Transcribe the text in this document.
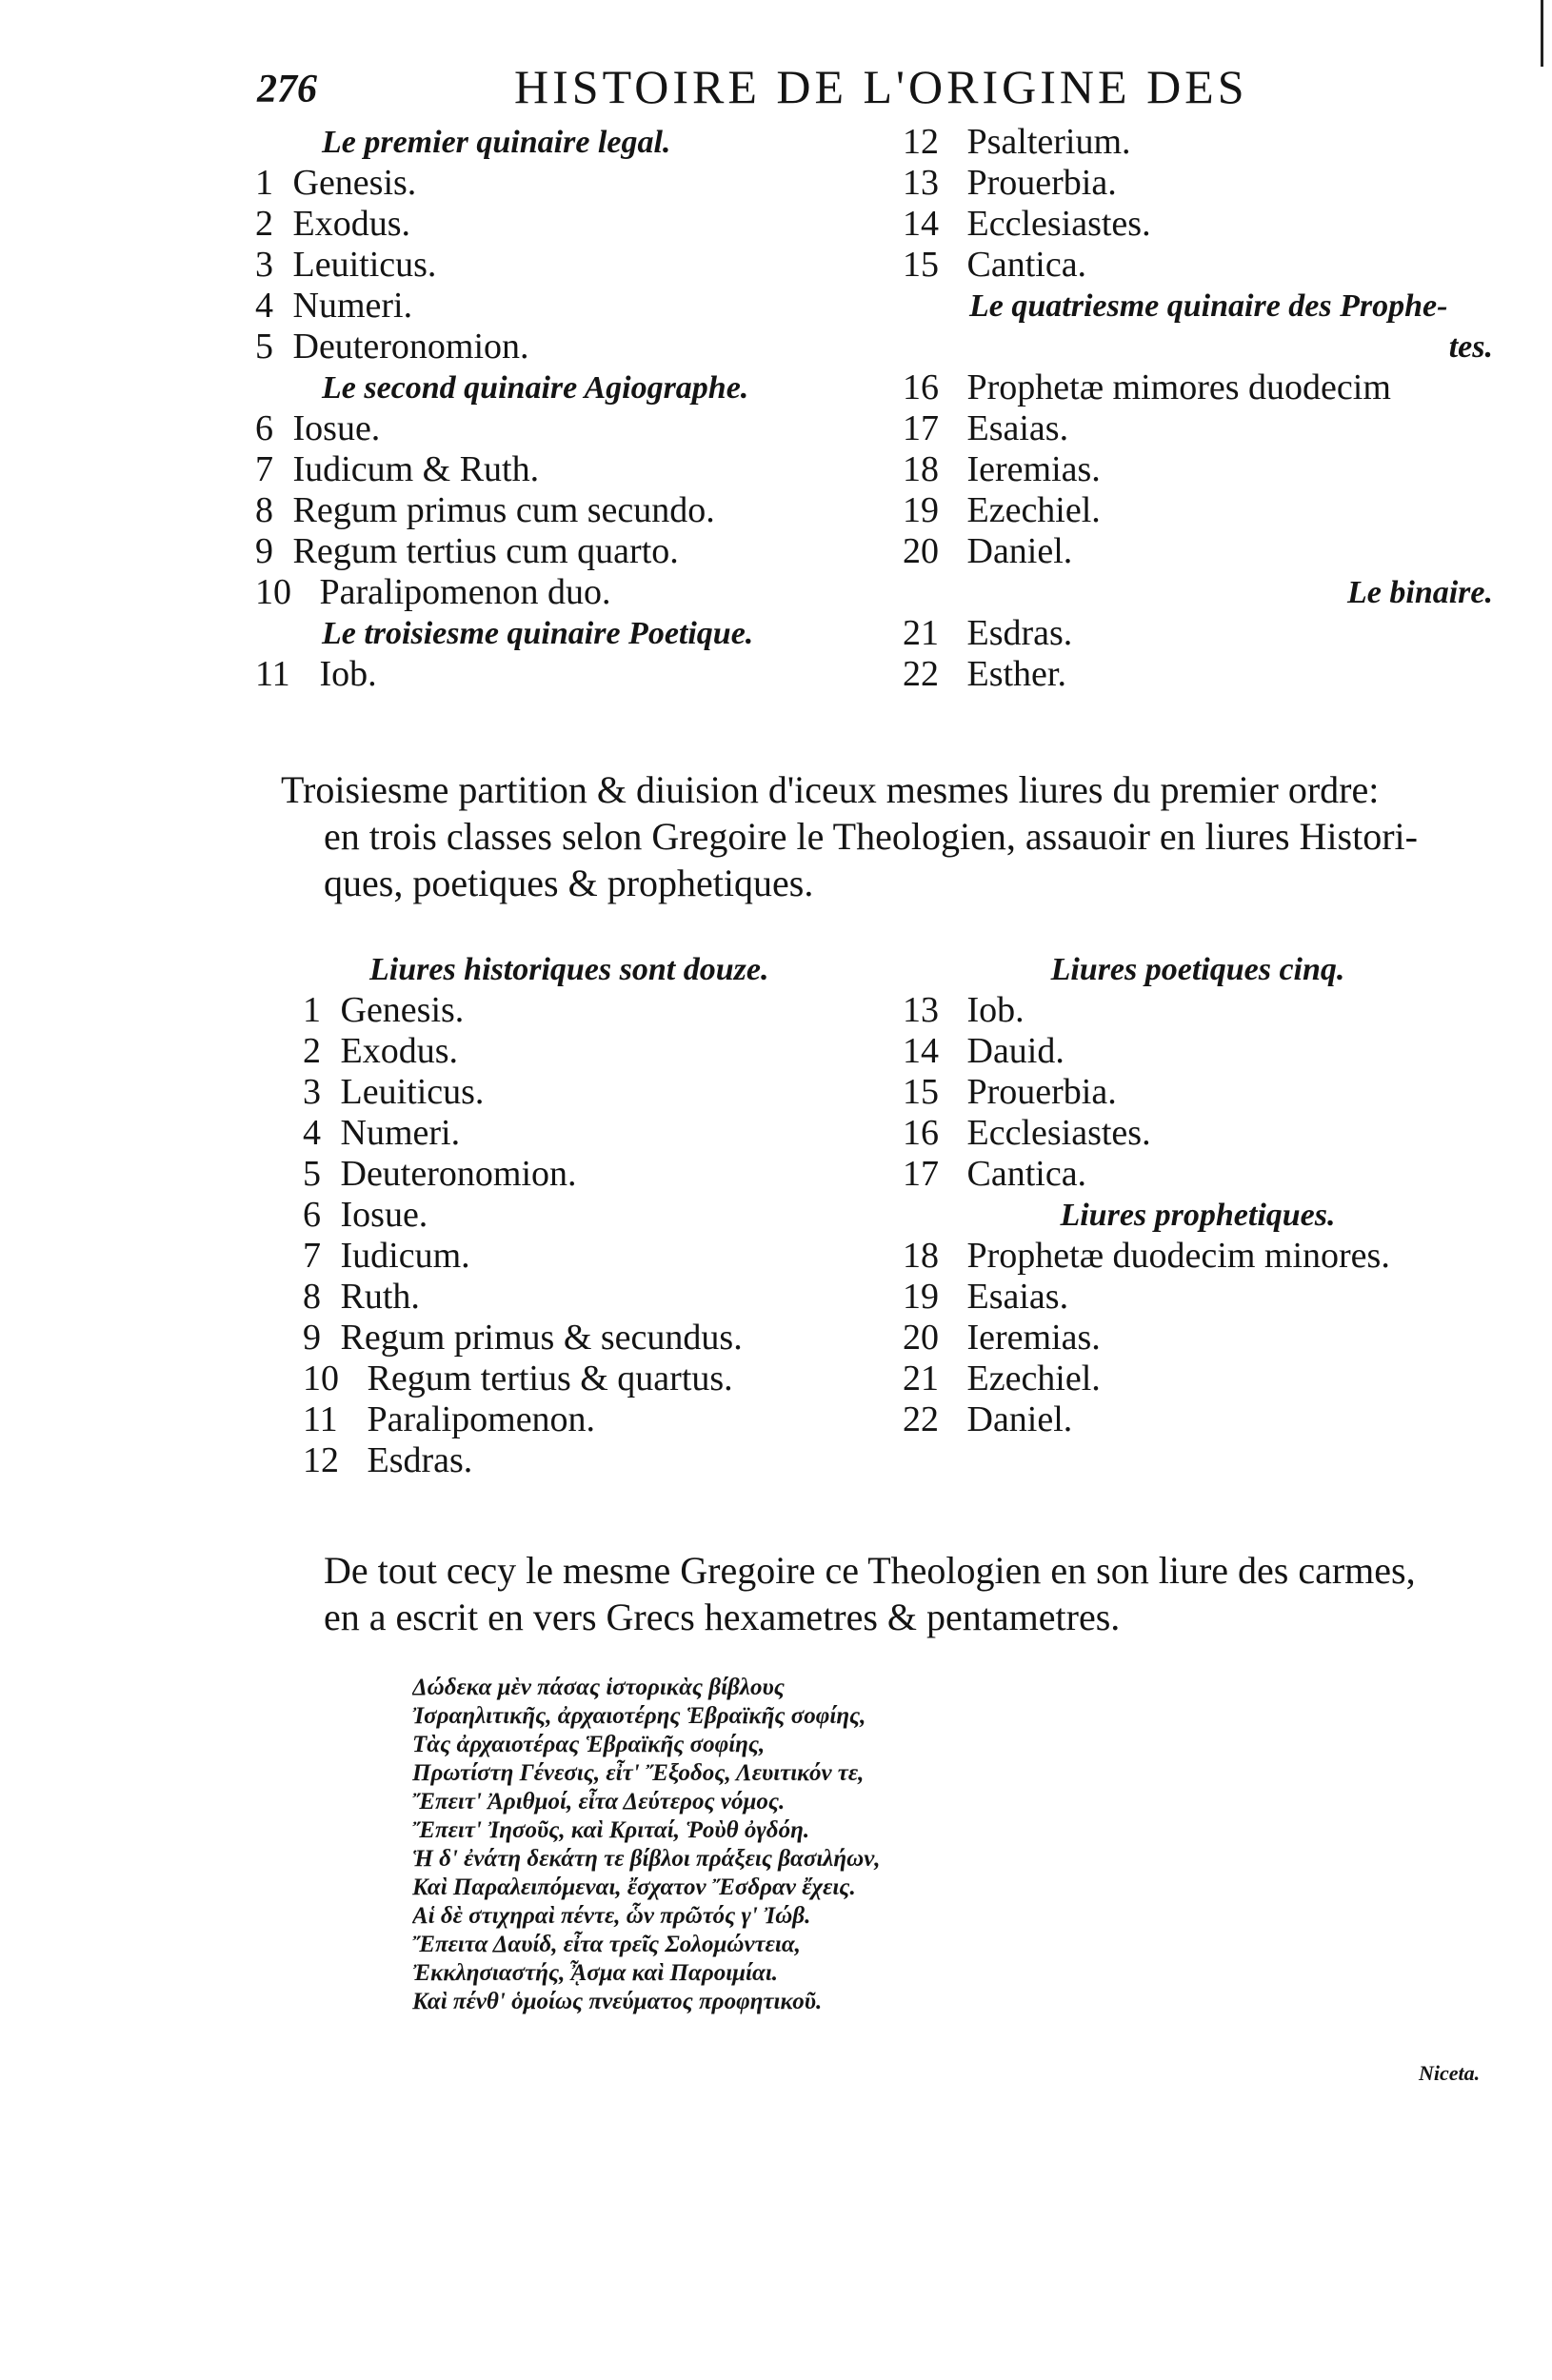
276	HISTOIRE DE L'ORIGINE DES
Le premier quinaire legal.
1 Genesis.
2 Exodus.
3 Leuiticus.
4 Numeri.
5 Deuteronomion.
Le second quinaire Agiographe.
6 Iosue.
7 Iudicum & Ruth.
8 Regum primus cum secundo.
9 Regum tertius cum quarto.
10 Paralipomenon duo.
Le troisiesme quinaire Poetique.
11 Iob.
12 Psalterium.
13 Prouerbia.
14 Ecclesiastes.
15 Cantica.
Le quatriesme quinaire des Prophe-
tes.
16 Prophetæ mimores duodecim
17 Esaias.
18 Ieremias.
19 Ezechiel.
20 Daniel.
Le binaire.
21 Esdras.
22 Esther.
Troisiesme partition & diuision d'iceux mesmes liures du premier ordre:
en trois classes selon Gregoire le Theologien, assauoir en liures Histori-
ques, poetiques & prophetiques.
Liures historiques sont douze.
1 Genesis.
2 Exodus.
3 Leuiticus.
4 Numeri.
5 Deuteronomion.
6 Iosue.
7 Iudicum.
8 Ruth.
9 Regum primus & secundus.
10 Regum tertius & quartus.
11 Paralipomenon.
12 Esdras.
Liures poetiques cinq.
13 Iob.
14 Dauid.
15 Prouerbia.
16 Ecclesiastes.
17 Cantica.
Liures prophetiques.
18 Prophetæ duodecim minores.
19 Esaias.
20 Ieremias.
21 Ezechiel.
22 Daniel.
De tout cecy le mesme Gregoire ce Theologien en son liure des carmes,
en a escrit en vers Grecs hexametres & pentametres.
Δώδεκα μὲν πάσας ἱστορικὰς βίβλους
Ἰσραηλιτικῆς, ἀρχαιοτέρης Ἑβραϊκῆς σοφίης,
Τὰς ἀρχαιοτέρας Ἑβραϊκῆς σοφίης,
Πρωτίστη Γένεσις, εἶτ' Ἔξοδος, Λευιτικόν τε,
Ἔπειτ' Ἀριθμοί, εἶτα Δεύτερος νόμος.
Ἔπειτ' Ἰησοῦς, καὶ Κριταί, Ῥοὺθ ὀγδόη.
Ἡ δ' ἐνάτη δεκάτη τε βίβλοι πράξεις βασιλήων,
Καὶ Παραλειπόμεναι, ἔσχατον Ἔσδραν ἔχεις.
Αἱ δὲ στιχηραὶ πέντε, ὧν πρῶτός γ' Ἰώβ.
Ἔπειτα Δαυίδ, εἶτα τρεῖς Σολομώντεια,
Ἐκκλησιαστής, ᾎσμα καὶ Παροιμίαι.
Καὶ πένθ' ὁμοίως πνεύματος προφητικοῦ.
Niceta.
